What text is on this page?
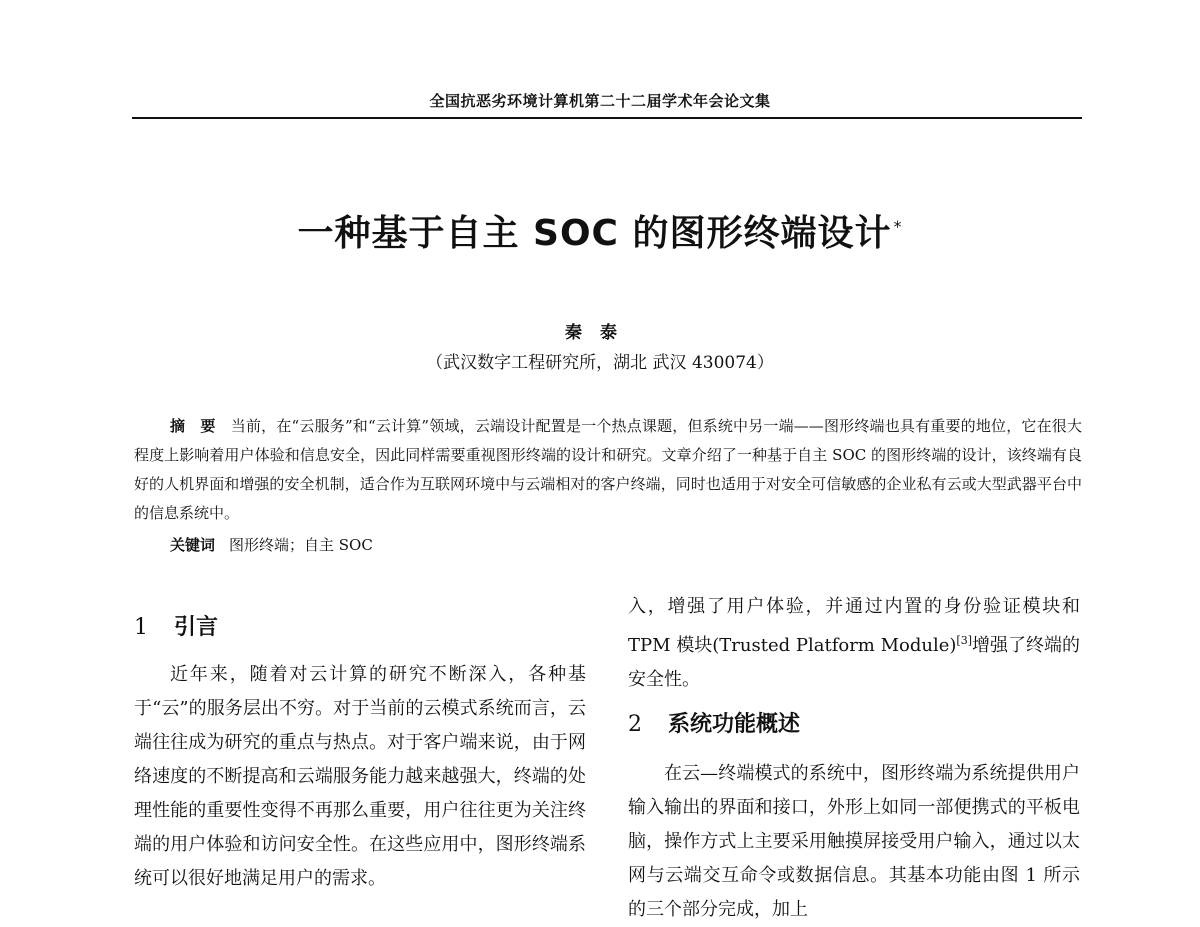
全国抗恶劣环境计算机第二十二届学术年会论文集
一种基于自主 SOC 的图形终端设计 *
秦泰
（武汉数字工程研究所，湖北 武汉 430074）
摘　要　 当前，在“云服务”和“云计算”领域，云端设计配置是一个热点课题，但系统中另一端——图形终端也具有重要的地位，它在很大程度上影响着用户体验和信息安全，因此同样需要重视图形终端的设计和研究。文章介绍了一种基于自主 SOC 的图形终端的设计，该终端有良好的人机界面和增强的安全机制，适合作为互联网环境中与云端相对的客户终端，同时也适用于对安全可信敏感的企业私有云或大型武器平台中的信息系统中。
关键词 图形终端；自主 SOC
1 引言

近年来，随着对云计算的研究不断深入，各种基于“云”的服务层出不穷。对于当前的云模式系统而言，云端往往成为研究的重点与热点。对于客户端来说，由于网络速度的不断提高和云端服务能力越来越强大，终端的处理性能的重要性变得不再那么重要，用户往往更为关注终端的用户体验和访问安全性。在这些应用中，图形终端系统可以很好地满足用户的需求。

入，增强了用户体验，并通过内置的身份验证模块和 TPM 模块(Trusted Platform Module)[3]增强了终端的安全性。

2 系统功能概述

在云—终端模式的系统中，图形终端为系统提供用户输入输出的界面和接口，外形上如同一部便携式的平板电脑，操作方式上主要采用触摸屏接受用户输入，通过以太网与云端交互命令或数据信息。其基本功能由图 1 所示的三个部分完成，加上
